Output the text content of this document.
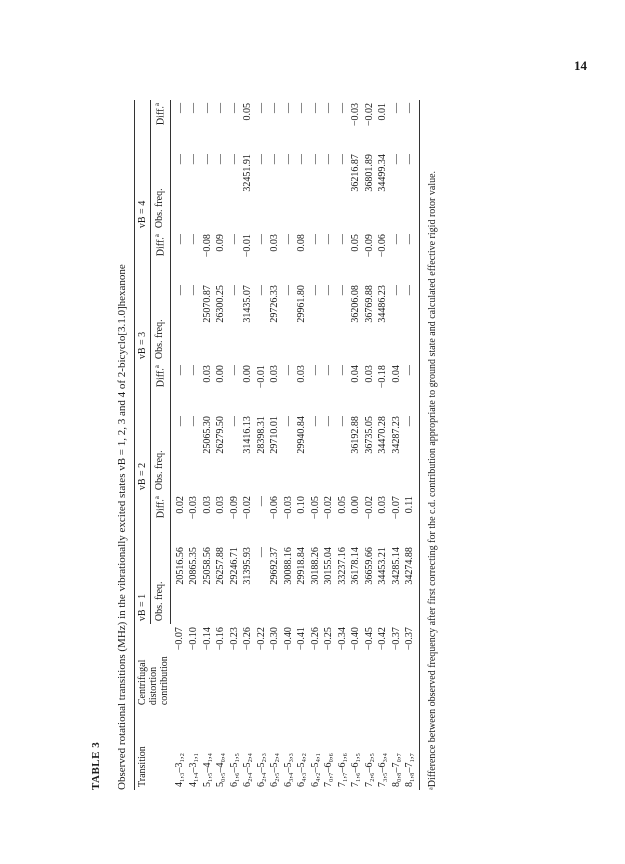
14
TABLE 3 Observed rotational transitions (MHz) in the vibrationally excited states vB = 1, 2, 3 and 4 of 2-bicyclo[3.1.0]hexanone Transition	Centrifugal distortion contribution	vB = 1		vB = 2		vB = 3		vB = 4	
		Obs. freq.	Diff.$^a$	Obs. freq.	Diff.$^a$	Obs. freq.	Diff.$^a$	Obs. freq.	Diff.$^a$
4₁,₃–3₁,₂	−0.07	20516.56	0.02	—	—	—	—	—	—
4₁,₄–3₁,₁	−0.10	20865.35	−0.03	—	—	—	—	—	—
5₁,₅–4₁,₄	−0.14	25058.56	0.03	25065.30	0.03	25070.87	−0.08	—	—
5₀,₅–4₀,₄	−0.16	26257.88	0.03	26279.50	0.00	26300.25	0.09	—	—
6₁,₆–5₁,₅	−0.23	29246.71	−0.09	—	—	—	—	—	—
6₂,₄–5₂,₄	−0.26	31395.93	−0.02	31416.13	0.00	31435.07	−0.01	32451.91	0.05
6₂,₄–5₂,₃	−0.22	—	—	28398.31	−0.01	—	—	—	—
6₂,₅–5₂,₄	−0.30	29692.37	−0.06	29710.01	0.03	29726.33	0.03	—	—
6₃,₄–5₃,₃	−0.40	30088.16	−0.03	—	—	—	—	—	—
6₄,₃–5₄,₂	−0.41	29918.84	0.10	29940.84	0.03	29961.80	0.08	—	—
6₄,₂–5₄,₁	−0.26	30188.26	−0.05	—	—	—	—	—	—
7₀,₇–6₀,₆	−0.25	30155.04	−0.02	—	—	—	—	—	—
7₁,₇–6₁,₆	−0.34	33237.16	0.05	—	—	—	—	—	—
7₁,₆–6₁,₅	−0.40	36178.14	0.00	36192.88	0.04	36206.08	0.05	36216.87	−0.03
7₂,₆–6₂,₅	−0.45	36659.66	−0.02	36735.05	0.03	36769.88	−0.09	36801.89	−0.02
7₃,₅–6₃,₄	−0.42	34453.21	0.03	34470.28	−0.18	34486.23	−0.06	34499.34	0.01
8₀,₈–7₀,₇	−0.37	34285.14	−0.07	34287.23	0.04	—	—	—	—
8₁,₈–7₁,₇	−0.37	34274.88	0.11	—	—	—	—	—	—
ᵃDifference between observed frequency after first correcting for the c.d. contribution appropriate to ground state and calculated effective rigid rotor value.
